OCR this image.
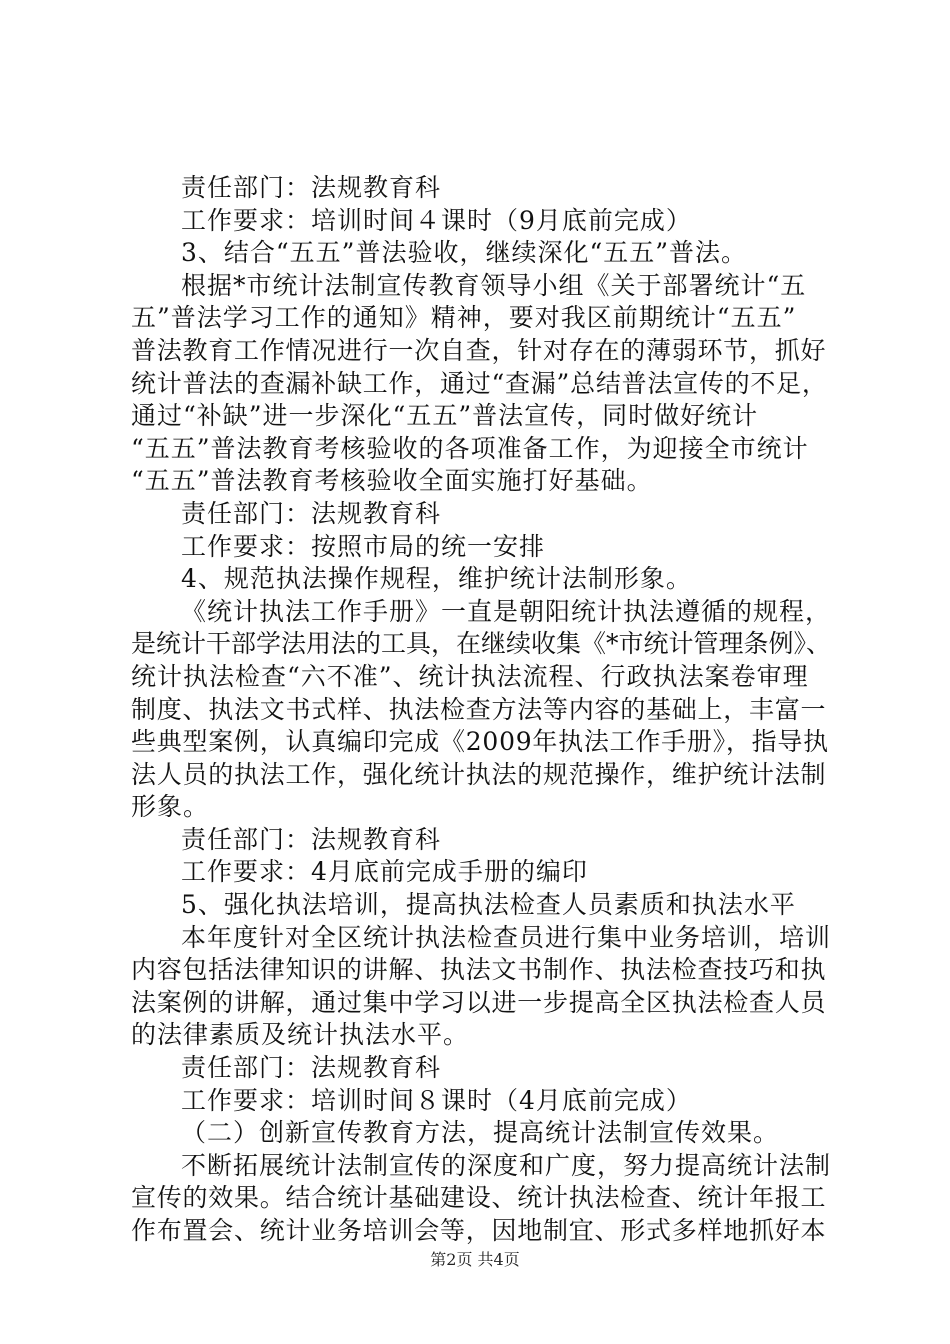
责任部门：法规教育科
工作要求：培训时间４课时（9月底前完成）
3、结合“五五”普法验收，继续深化“五五”普法。
根据*市统计法制宣传教育领导小组《关于部署统计“五
五”普法学习工作的通知》精神，要对我区前期统计“五五”
普法教育工作情况进行一次自查，针对存在的薄弱环节，抓好
统计普法的查漏补缺工作，通过“查漏”总结普法宣传的不足，
通过“补缺”进一步深化“五五”普法宣传，同时做好统计
“五五”普法教育考核验收的各项准备工作，为迎接全市统计
“五五”普法教育考核验收全面实施打好基础。
责任部门：法规教育科
工作要求：按照市局的统一安排
4、规范执法操作规程，维护统计法制形象。
《统计执法工作手册》一直是朝阳统计执法遵循的规程，
是统计干部学法用法的工具，在继续收集《*市统计管理条例》、
统计执法检查“六不准”、统计执法流程、行政执法案卷审理
制度、执法文书式样、执法检查方法等内容的基础上，丰富一
些典型案例，认真编印完成《2009年执法工作手册》，指导执
法人员的执法工作，强化统计执法的规范操作，维护统计法制
形象。
责任部门：法规教育科
工作要求：4月底前完成手册的编印
5、强化执法培训，提高执法检查人员素质和执法水平
本年度针对全区统计执法检查员进行集中业务培训，培训
内容包括法律知识的讲解、执法文书制作、执法检查技巧和执
法案例的讲解，通过集中学习以进一步提高全区执法检查人员
的法律素质及统计执法水平。
责任部门：法规教育科
工作要求：培训时间８课时（4月底前完成）
（二）创新宣传教育方法，提高统计法制宣传效果。
不断拓展统计法制宣传的深度和广度，努力提高统计法制
宣传的效果。结合统计基础建设、统计执法检查、统计年报工
作布置会、统计业务培训会等，因地制宜、形式多样地抓好本
第2页 共4页
